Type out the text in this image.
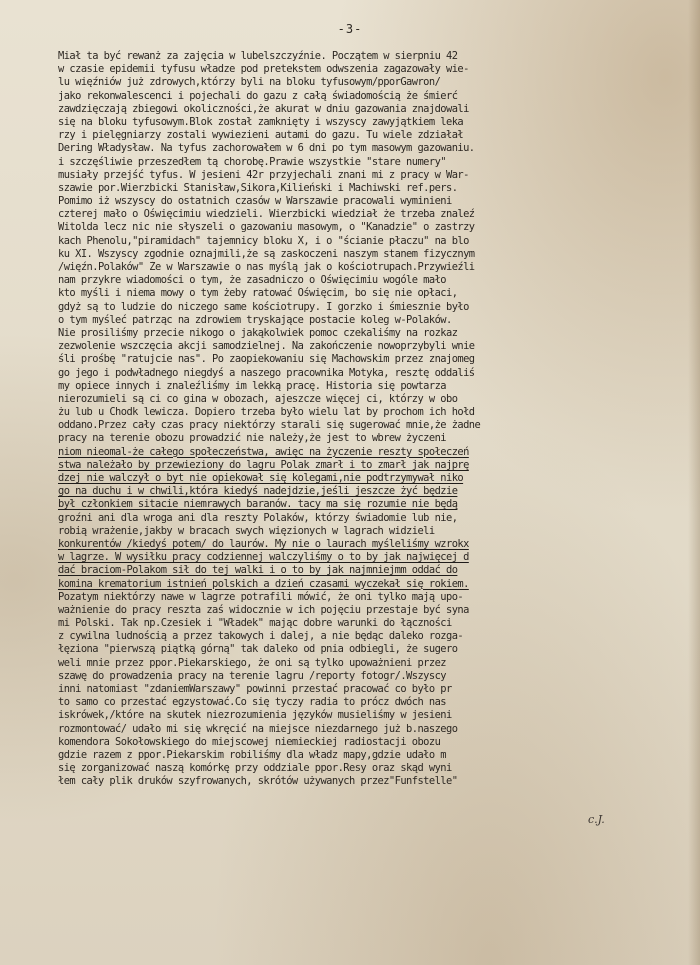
-3-
Miał ta być rewanż za zajęcia w lubelszczyźnie. Początem w sierpniu 42
w czasie epidemii tyfusu władze pod pretekstem odwszenia zagazowały wie-
lu więźniów już zdrowych,którzy byli na bloku tyfusowym/pporGawron/
jako rekonwalescenci i pojechali do gazu z całą świadomością że śmierć
zawdzięczają zbiegowi okoliczności,że akurat w dniu gazowania znajdowali
się na bloku tyfusowym.Blok został zamknięty i wszyscy zawyjątkiem leka
rzy i pielęgniarzy zostali wywiezieni autami do gazu. Tu wiele zdziałał
Dering Władysław. Na tyfus zachorowałem w 6 dni po tym masowym gazowaniu.
i szczęśliwie przeszedłem tą chorobę.Prawie wszystkie "stare numery"
musiały przejść tyfus. W jesieni 42r przyjechali znani mi z pracy w War-
szawie por.Wierzbicki Stanisław,Sikora,Kilieński i Machiwski ref.pers.
Pomimo iż wszyscy do ostatnich czasów w Warszawie pracowali wyminieni
czterej mało o Oświęcimiu wiedzieli. Wierzbicki wiedział że trzeba znaleź
Witolda lecz nic nie słyszeli o gazowaniu masowym, o "Kanadzie" o zastrzy
kach Phenolu,"piramidach" tajemnicy bloku X, i o "ścianie płaczu" na blo
ku XI. Wszyscy zgodnie oznajmili,że są zaskoczeni naszym stanem fizycznym
/więźn.Polaków" Że w Warszawie o nas myślą jak o kościotrupach.Przywieźli
nam przykre wiadomości o tym, że zasadniczo o Oświęcimiu wogóle mało
kto myśli i niema mowy o tym żeby ratować Oświęcim, bo się nie opłaci,
gdyż są to ludzie do niczego same kościotrupy. I gorzko i śmiesznie było
o tym myśleć patrząc na zdrowiem tryskające postacie koleg w-Polaków.
Nie prosiliśmy przecie nikogo o jakąkolwiek pomoc czekaliśmy na rozkaz
zezwolenie wszczęcia akcji samodzielnej. Na zakończenie nowoprzybyli wnie
śli prośbę "ratujcie nas". Po zaopiekowaniu się Machowskim przez znajomeg
go jego i podwładnego niegdyś a naszego pracownika Motyka, resztę oddaliś
my opiece innych i znaleźliśmy im lekką pracę. Historia się powtarza
nierozumieli są ci co gina w obozach, ajeszcze więcej ci, którzy w obo
żu lub u Chodk lewicza. Dopiero trzeba było wielu lat by prochom ich hołd
oddano.Przez cały czas pracy niektórzy starali się sugerować mnie,że żadne
pracy na terenie obozu prowadzić nie należy,że jest to wbrew życzeni
niom nieomal-że całego społeczeństwa, awięc na życzenie reszty społeczeń
stwa należało by przewieziony do lagru Polak zmarł i to zmarł jak najprę
dzej nie walczył o byt nie opiekował się kolegami,nie podtrzymywał niko
go na duchu i w chwili,która kiedyś nadejdzie,jeśli jeszcze żyć będzie
był członkiem sitacie niemrawych baranów. tacy ma się rozumie nie będą
groźni ani dla wroga ani dla reszty Polaków, którzy świadomie lub nie,
robią wrażenie,jakby w bracach swych więzionych w lagrach widzieli
konkurentów /kiedyś potem/ do laurów. My nie o laurach myśleliśmy wzrokx
w lagrze. W wysiłku pracy codziennej walczyliśmy o to by jak najwięcej d
dać braciom-Polakom sił do tej walki i o to by jak najmniejmm oddać do
komina krematorium istnień polskich a dzień czasami wyczekał się rokiem.
Pozatym niektórzy nawe w lagrze potrafili mówić, że oni tylko mają upo-
ważnienie do pracy reszta zaś widocznie w ich pojęciu przestaje być syna
mi Polski. Tak np.Czesiek i "Władek" mając dobre warunki do łączności
z cywilna ludnością a przez takowych i dalej, a nie będąc daleko rozga-
łęziona "pierwszą piątką górną" tak daleko od pnia odbiegli, że sugero
weli mnie przez ppor.Piekarskiego, że oni są tylko upoważnieni przez
szawę do prowadzenia pracy na terenie lagru /reporty fotogr/.Wszyscy
inni natomiast "zdaniemWarszawy" powinni przestać pracować co było pr
to samo co przestać egzystować.Co się tyczy radia to prócz dwóch nas
iskrówek,/które na skutek niezrozumienia języków musieliśmy w jesieni
rozmontować/ udało mi się wkręcić na miejsce niezdarnego już b.naszego
komendora Sokołowskiego do miejscowej niemieckiej radiostacji obozu
gdzie razem z ppor.Piekarskim robiliśmy dla władz mapy,gdzie udało m
się zorganizować naszą komórkę przy oddziale ppor.Resy oraz skąd wyni
łem cały plik druków szyfrowanych, skrótów używanych przez"Funfstelle"
c.J.
